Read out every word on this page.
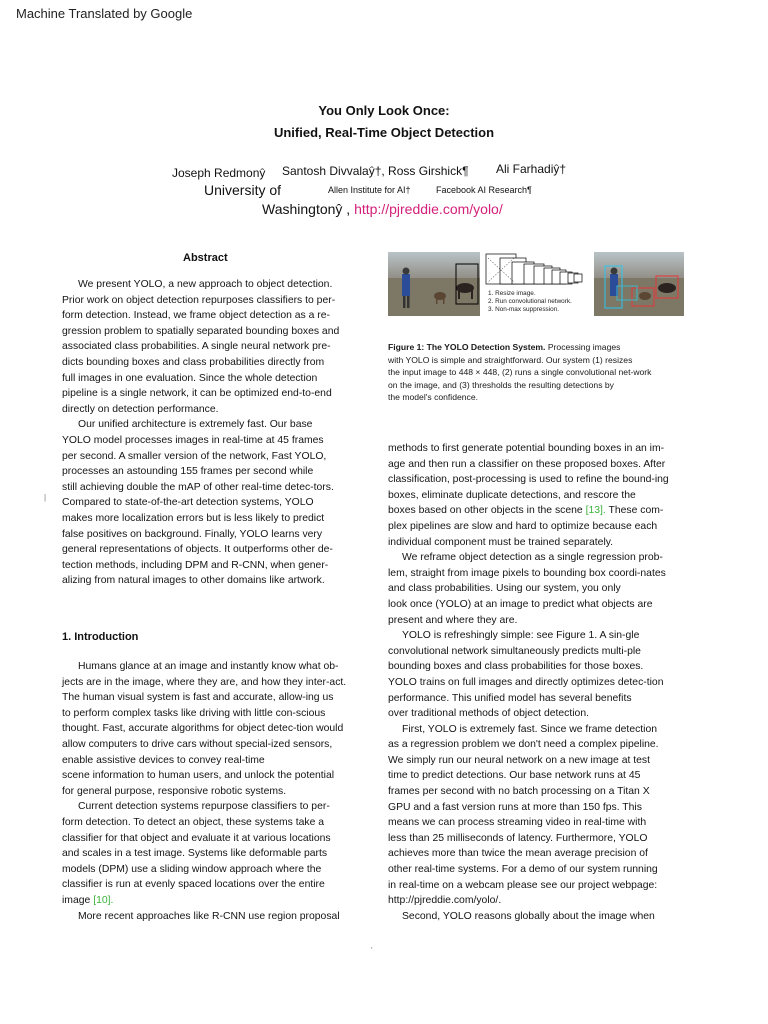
Machine Translated by Google
You Only Look Once:
Unified, Real-Time Object Detection
Joseph Redmonŷ Santosh Divvalaŷ†, Ross Girshick¶ Ali Farhadiŷ†
University of	Allen Institute for AI†	Facebook AI Research¶
Washingtonŷ , http://pjreddie.com/yolo/
Abstract
We present YOLO, a new approach to object detection.
Prior work on object detection repurposes classifiers to per-
form detection. Instead, we frame object detection as a re-
gression problem to spatially separated bounding boxes and
associated class probabilities. A single neural network pre-
dicts bounding boxes and class probabilities directly from
full images in one evaluation. Since the whole detection
pipeline is a single network, it can be optimized end-to-end
directly on detection performance.
Our unified architecture is extremely fast. Our base
YOLO model processes images in real-time at 45 frames
per second. A smaller version of the network, Fast YOLO,
processes an astounding 155 frames per second while
still achieving double the mAP of other real-time detec-tors.
Compared to state-of-the-art detection systems, YOLO
makes more localization errors but is less likely to predict
false positives on background. Finally, YOLO learns very
general representations of objects. It outperforms other de-
tection methods, including DPM and R-CNN, when gener-
alizing from natural images to other domains like artwork.
|
1. Introduction
Humans glance at an image and instantly know what ob-
jects are in the image, where they are, and how they inter-act.
The human visual system is fast and accurate, allow-ing us
to perform complex tasks like driving with little con-scious
thought. Fast, accurate algorithms for object detec-tion would
allow computers to drive cars without special-ized sensors,
enable assistive devices to convey real-time
scene information to human users, and unlock the potential
for general purpose, responsive robotic systems.
Current detection systems repurpose classifiers to per-
form detection. To detect an object, these systems take a
classifier for that object and evaluate it at various locations
and scales in a test image. Systems like deformable parts
models (DPM) use a sliding window approach where the
classifier is run at evenly spaced locations over the entire
image [10].
More recent approaches like R-CNN use region proposal
1. Resize image.
2. Run convolutional network.
3. Non-max suppression.
Figure 1: The YOLO Detection System. Processing images
with YOLO is simple and straightforward. Our system (1) resizes
the input image to 448 × 448, (2) runs a single convolutional net-work
on the image, and (3) thresholds the resulting detections by
the model's confidence.
methods to first generate potential bounding boxes in an im-
age and then run a classifier on these proposed boxes. After
classification, post-processing is used to refine the bound-ing
boxes, eliminate duplicate detections, and rescore the
boxes based on other objects in the scene [13]. These com-
plex pipelines are slow and hard to optimize because each
individual component must be trained separately.
We reframe object detection as a single regression prob-
lem, straight from image pixels to bounding box coordi-nates
and class probabilities. Using our system, you only
look once (YOLO) at an image to predict what objects are
present and where they are.
YOLO is refreshingly simple: see Figure 1. A sin-gle
convolutional network simultaneously predicts multi-ple
bounding boxes and class probabilities for those boxes.
YOLO trains on full images and directly optimizes detec-tion
performance. This unified model has several benefits
over traditional methods of object detection.
First, YOLO is extremely fast. Since we frame detection
as a regression problem we don't need a complex pipeline.
We simply run our neural network on a new image at test
time to predict detections. Our base network runs at 45
frames per second with no batch processing on a Titan X
GPU and a fast version runs at more than 150 fps. This
means we can process streaming video in real-time with
less than 25 milliseconds of latency. Furthermore, YOLO
achieves more than twice the mean average precision of
other real-time systems. For a demo of our system running
in real-time on a webcam please see our project webpage:
http://pjreddie.com/yolo/.
Second, YOLO reasons globally about the image when
'
